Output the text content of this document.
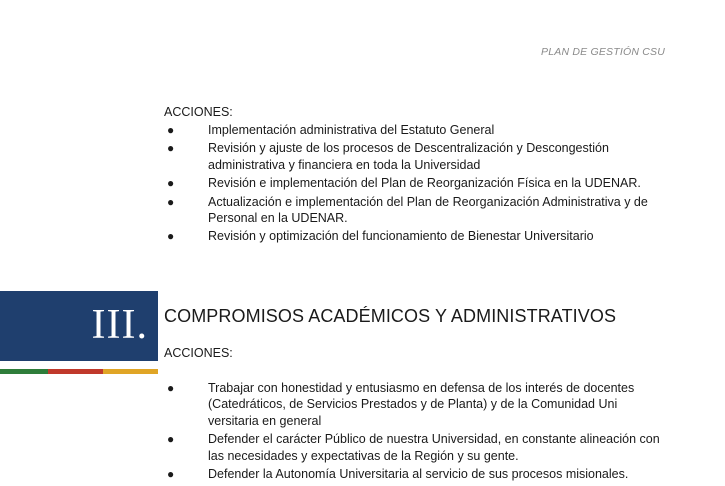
PLAN DE GESTIÓN CSU
ACCIONES:
●	Implementación administrativa del Estatuto General
●	Revisión y ajuste de los procesos de Descentralización y Descongestión administrativa y financiera en toda la Universidad
●	Revisión e implementación del Plan de Reorganización Física en la UDENAR.
●	Actualización e implementación del Plan de Reorganización Administrativa y de Personal en la UDENAR.
●	Revisión y optimización del funcionamiento de Bienestar Universitario
III. COMPROMISOS ACADÉMICOS Y ADMINISTRATIVOS
ACCIONES:
●	Trabajar con honestidad y entusiasmo en defensa de los interés de docentes (Catedráticos, de Servicios Prestados y de Planta) y de la Comunidad Uni versitaria en general
●	Defender el carácter Público de nuestra Universidad, en constante alineación con las necesidades y expectativas de la Región y su gente.
●	Defender la Autonomía Universitaria al servicio de sus procesos misionales.
